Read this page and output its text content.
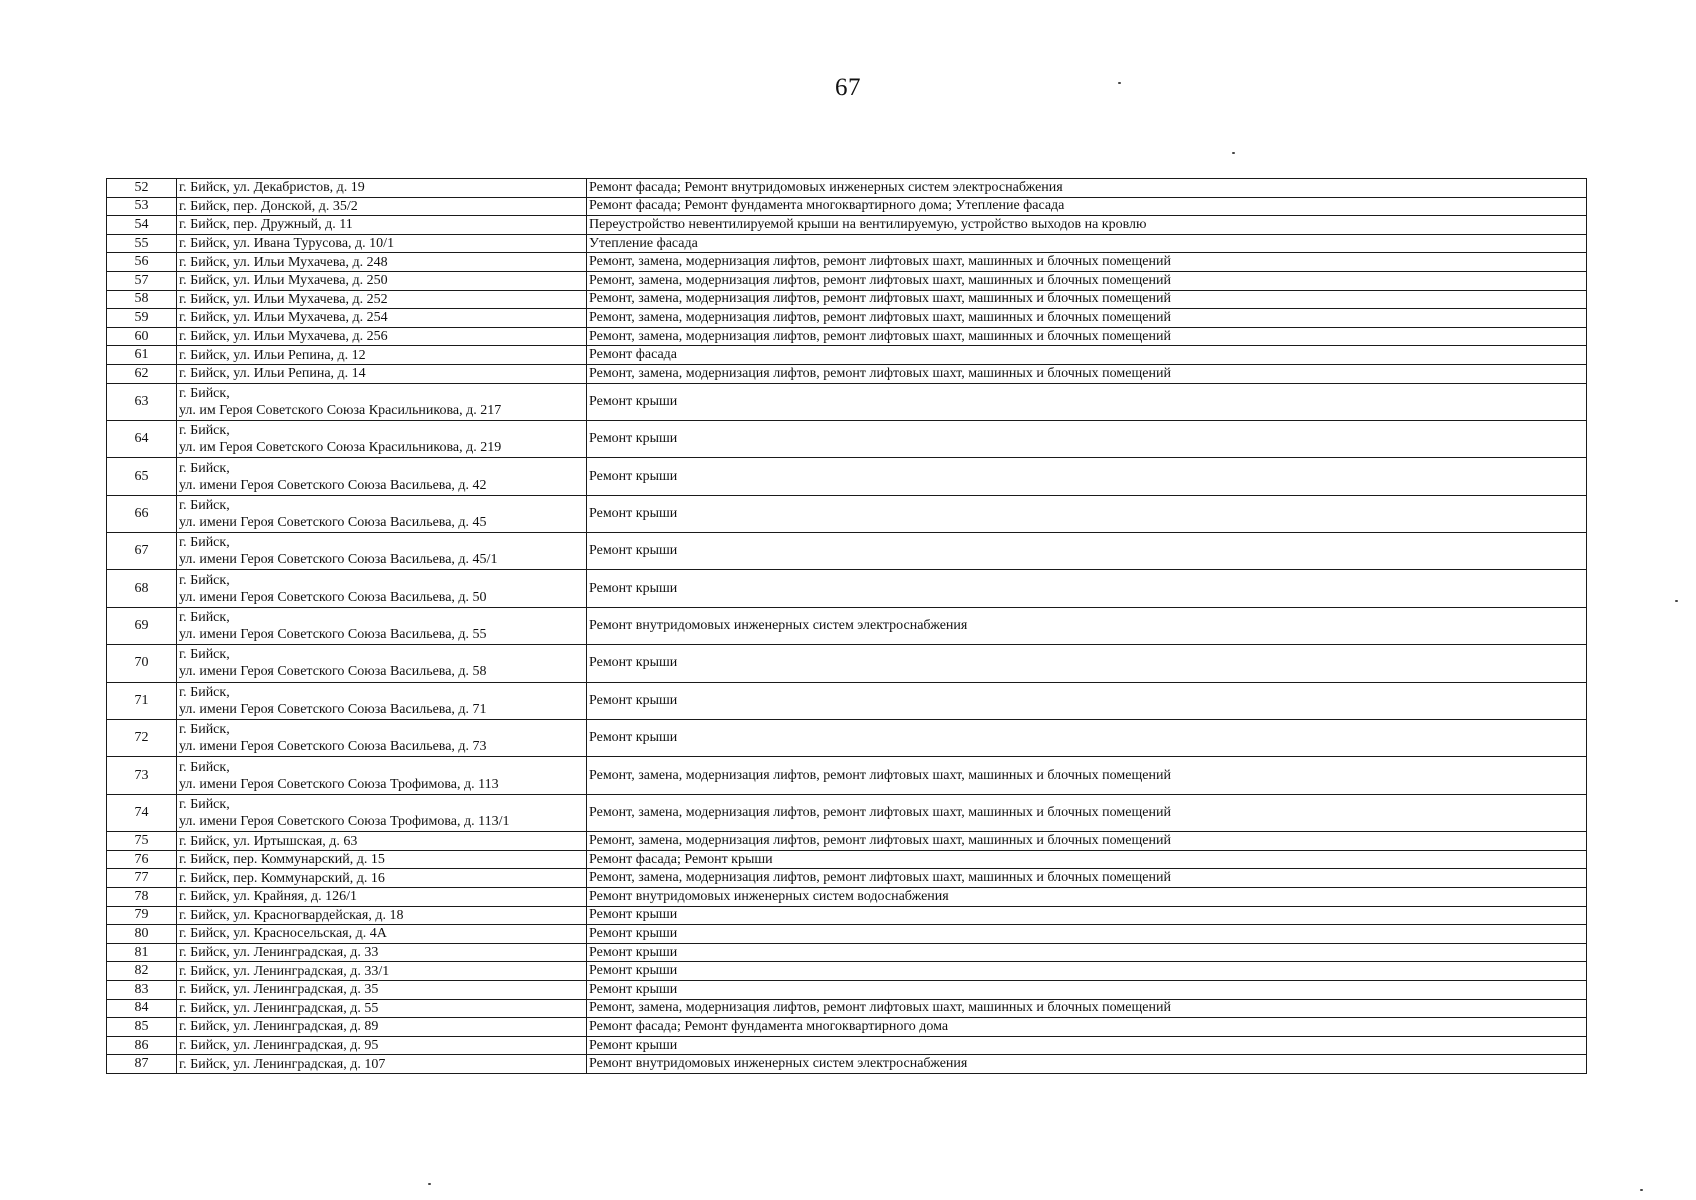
67
52	г. Бийск, ул. Декабристов, д. 19	Ремонт фасада; Ремонт внутридомовых инженерных систем электроснабжения

53	г. Бийск, пер. Донской, д. 35/2	Ремонт фасада; Ремонт фундамента многоквартирного дома; Утепление фасада

54	г. Бийск, пер. Дружный, д. 11	Переустройство невентилируемой крыши на вентилируемую, устройство выходов на кровлю

55	г. Бийск, ул. Ивана Турусова, д. 10/1	Утепление фасада

56	г. Бийск, ул. Ильи Мухачева, д. 248	Ремонт, замена, модернизация лифтов, ремонт лифтовых шахт, машинных и блочных помещений

57	г. Бийск, ул. Ильи Мухачева, д. 250	Ремонт, замена, модернизация лифтов, ремонт лифтовых шахт, машинных и блочных помещений

58	г. Бийск, ул. Ильи Мухачева, д. 252	Ремонт, замена, модернизация лифтов, ремонт лифтовых шахт, машинных и блочных помещений

59	г. Бийск, ул. Ильи Мухачева, д. 254	Ремонт, замена, модернизация лифтов, ремонт лифтовых шахт, машинных и блочных помещений

60	г. Бийск, ул. Ильи Мухачева, д. 256	Ремонт, замена, модернизация лифтов, ремонт лифтовых шахт, машинных и блочных помещений

61	г. Бийск, ул. Ильи Репина, д. 12	Ремонт фасада

62	г. Бийск, ул. Ильи Репина, д. 14	Ремонт, замена, модернизация лифтов, ремонт лифтовых шахт, машинных и блочных помещений

63	г. Бийск,
ул. им Героя Советского Союза Красильникова, д. 217	Ремонт крыши

64	г. Бийск,
ул. им Героя Советского Союза Красильникова, д. 219	Ремонт крыши

65	г. Бийск,
ул. имени Героя Советского Союза Васильева, д. 42	Ремонт крыши

66	г. Бийск,
ул. имени Героя Советского Союза Васильева, д. 45	Ремонт крыши

67	г. Бийск,
ул. имени Героя Советского Союза Васильева, д. 45/1	Ремонт крыши

68	г. Бийск,
ул. имени Героя Советского Союза Васильева, д. 50	Ремонт крыши

69	г. Бийск,
ул. имени Героя Советского Союза Васильева, д. 55	Ремонт внутридомовых инженерных систем электроснабжения

70	г. Бийск,
ул. имени Героя Советского Союза Васильева, д. 58	Ремонт крыши

71	г. Бийск,
ул. имени Героя Советского Союза Васильева, д. 71	Ремонт крыши

72	г. Бийск,
ул. имени Героя Советского Союза Васильева, д. 73	Ремонт крыши

73	г. Бийск,
ул. имени Героя Советского Союза Трофимова, д. 113	Ремонт, замена, модернизация лифтов, ремонт лифтовых шахт, машинных и блочных помещений

74	г. Бийск,
ул. имени Героя Советского Союза Трофимова, д. 113/1	Ремонт, замена, модернизация лифтов, ремонт лифтовых шахт, машинных и блочных помещений

75	г. Бийск, ул. Иртышская, д. 63	Ремонт, замена, модернизация лифтов, ремонт лифтовых шахт, машинных и блочных помещений

76	г. Бийск, пер. Коммунарский, д. 15	Ремонт фасада; Ремонт крыши

77	г. Бийск, пер. Коммунарский, д. 16	Ремонт, замена, модернизация лифтов, ремонт лифтовых шахт, машинных и блочных помещений

78	г. Бийск, ул. Крайняя, д. 126/1	Ремонт внутридомовых инженерных систем водоснабжения

79	г. Бийск, ул. Красногвардейская, д. 18	Ремонт крыши

80	г. Бийск, ул. Красносельская, д. 4А	Ремонт крыши

81	г. Бийск, ул. Ленинградская, д. 33	Ремонт крыши

82	г. Бийск, ул. Ленинградская, д. 33/1	Ремонт крыши

83	г. Бийск, ул. Ленинградская, д. 35	Ремонт крыши

84	г. Бийск, ул. Ленинградская, д. 55	Ремонт, замена, модернизация лифтов, ремонт лифтовых шахт, машинных и блочных помещений

85	г. Бийск, ул. Ленинградская, д. 89	Ремонт фасада; Ремонт фундамента многоквартирного дома

86	г. Бийск, ул. Ленинградская, д. 95	Ремонт крыши

87	г. Бийск, ул. Ленинградская, д. 107	Ремонт внутридомовых инженерных систем электроснабжения
